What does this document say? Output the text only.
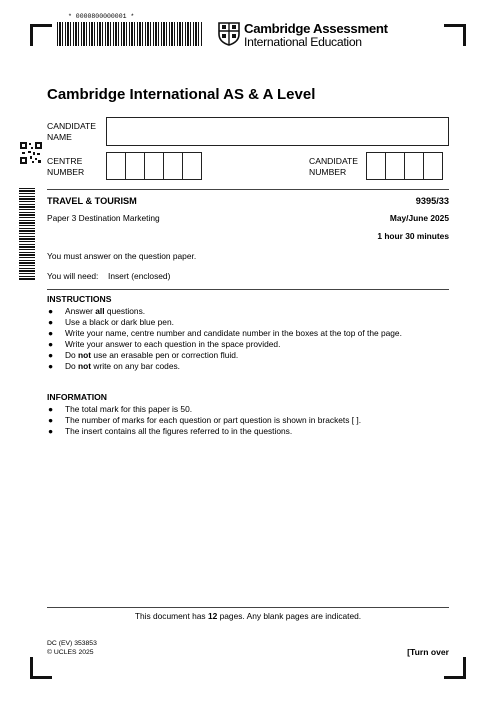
* 0000800000001 *
Cambridge Assessment
International Education
Cambridge International AS & A Level
CANDIDATE
NAME
CENTRE
NUMBER
CANDIDATE
NUMBER
TRAVEL & TOURISM	9395/33
Paper 3 Destination Marketing	May/June 2025
1 hour 30 minutes
You must answer on the question paper.
You will need: Insert (enclosed)
INSTRUCTIONS
● Answer all questions.
● Use a black or dark blue pen.
● Write your name, centre number and candidate number in the boxes at the top of the page.
● Write your answer to each question in the space provided.
● Do not use an erasable pen or correction fluid.
● Do not write on any bar codes.
INFORMATION
● The total mark for this paper is 50.
● The number of marks for each question or part question is shown in brackets [ ].
● The insert contains all the figures referred to in the questions.
This document has 12 pages. Any blank pages are indicated.
DC (EV) 353853
© UCLES 2025	[Turn over
